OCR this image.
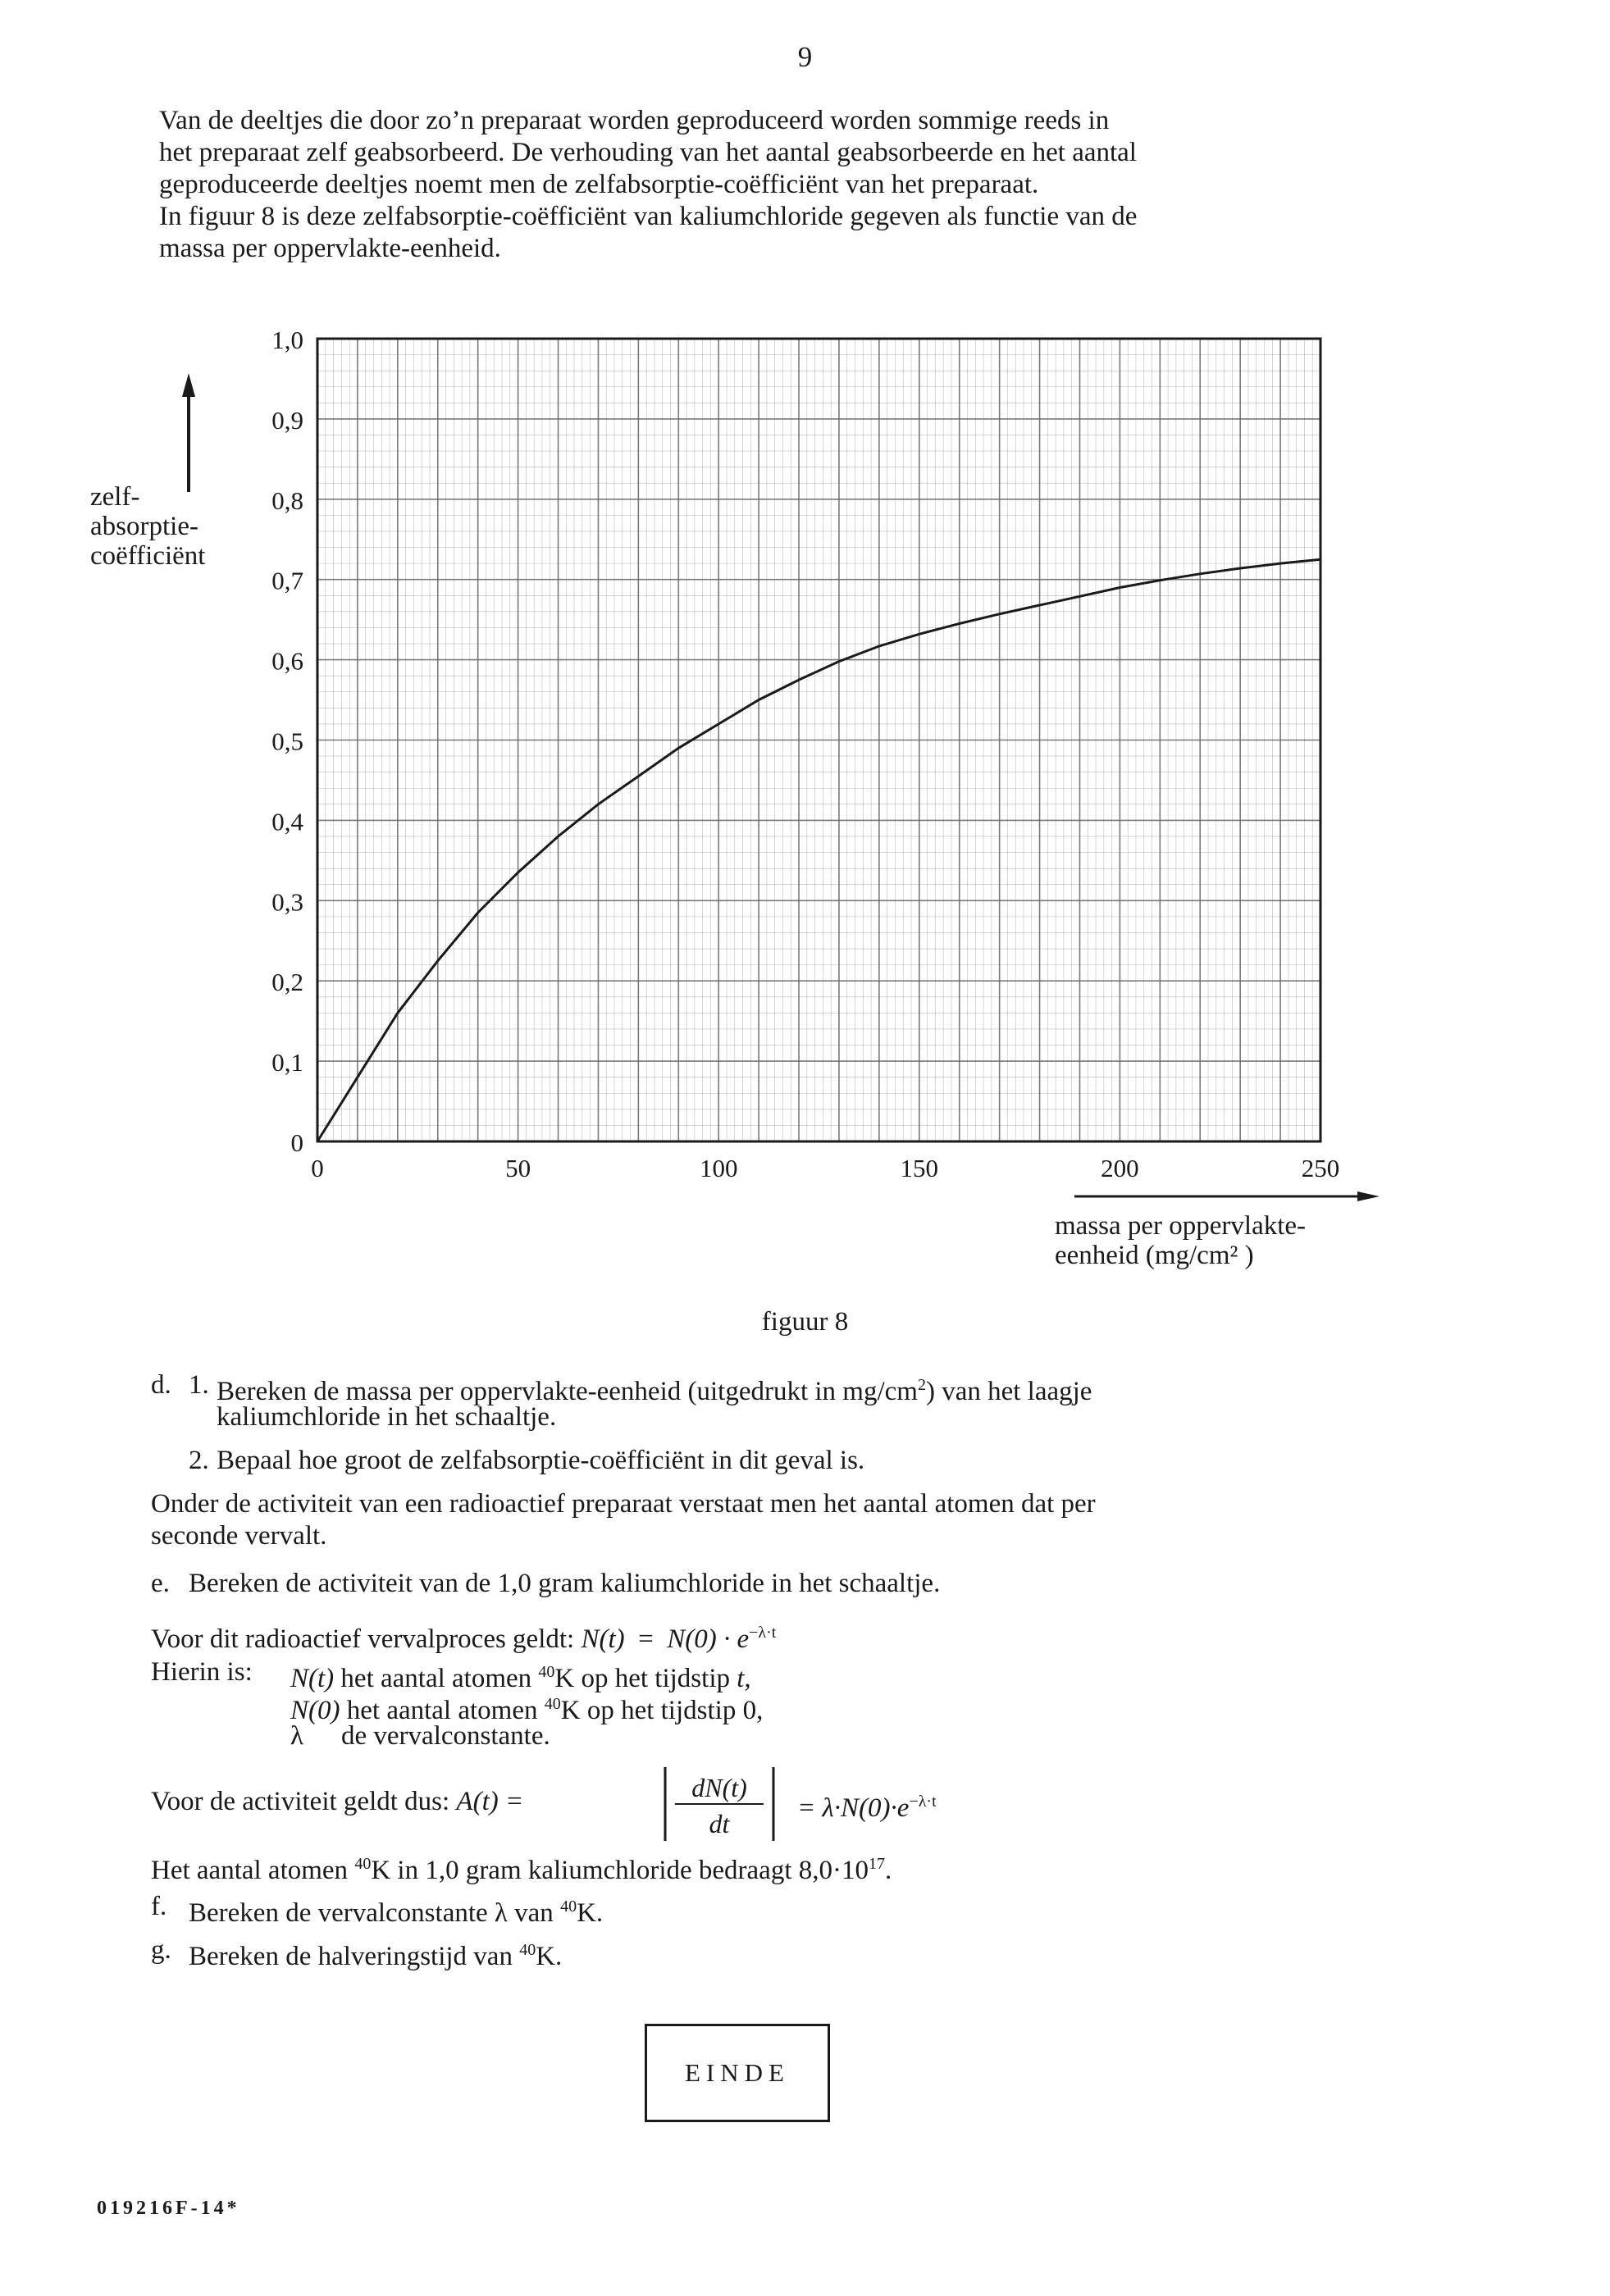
9

Van de deeltjes die door zo’n preparaat worden geproduceerd worden sommige reeds in

het preparaat zelf geabsorbeerd. De verhouding van het aantal geabsorbeerde en het aantal

geproduceerde deeltjes noemt men de zelfabsorptie-coëfficiënt van het preparaat.

In figuur 8 is deze zelfabsorptie-coëfficiënt van kaliumchloride gegeven als functie van de

massa per oppervlakte-eenheid.

0
0,1
0,2
0,3
0,4
0,5
0,6
0,7
0,8
0,9
1,0
0	50	100	150	200	250
zelf- absorptie- coëfficiënt
massa per oppervlakte- eenheid (mg/cm² )
figuur 8
d. 1. Bereken de massa per oppervlakte-eenheid (uitgedrukt in $mg/cm^2$) van het laagje
kaliumchloride in het schaaltje.
2. Bepaal hoe groot de zelfabsorptie-coëfficiënt in dit geval is.
Onder de activiteit van een radioactief preparaat verstaat men het aantal atomen dat per
seconde vervalt.
e. Bereken de activiteit van de 1,0 gram kaliumchloride in het schaaltje.
Voor dit radioactief vervalproces geldt: $N(t) = N(0) \cdot e^{-\lambda\cdot t}$
Hierin is: N(t) het aantal atomen $^{40}$K op het tijdstip t,
N(0) het aantal atomen $^{40}$K op het tijdstip 0,
λ de vervalconstante.
Voor de activiteit geldt dus: A(t) =	dN(t)
dt
= $\lambda\cdot N(0)\cdot e^{-\lambda\cdot t}$
Het aantal atomen $^{40}$K in 1,0 gram kaliumchloride bedraagt $8,0\cdot 10^{17}$.
f. Bereken de vervalconstante λ van $^{40}$K.
g. Bereken de halveringstijd van $^{40}$K.
EINDE
019216F-14*
